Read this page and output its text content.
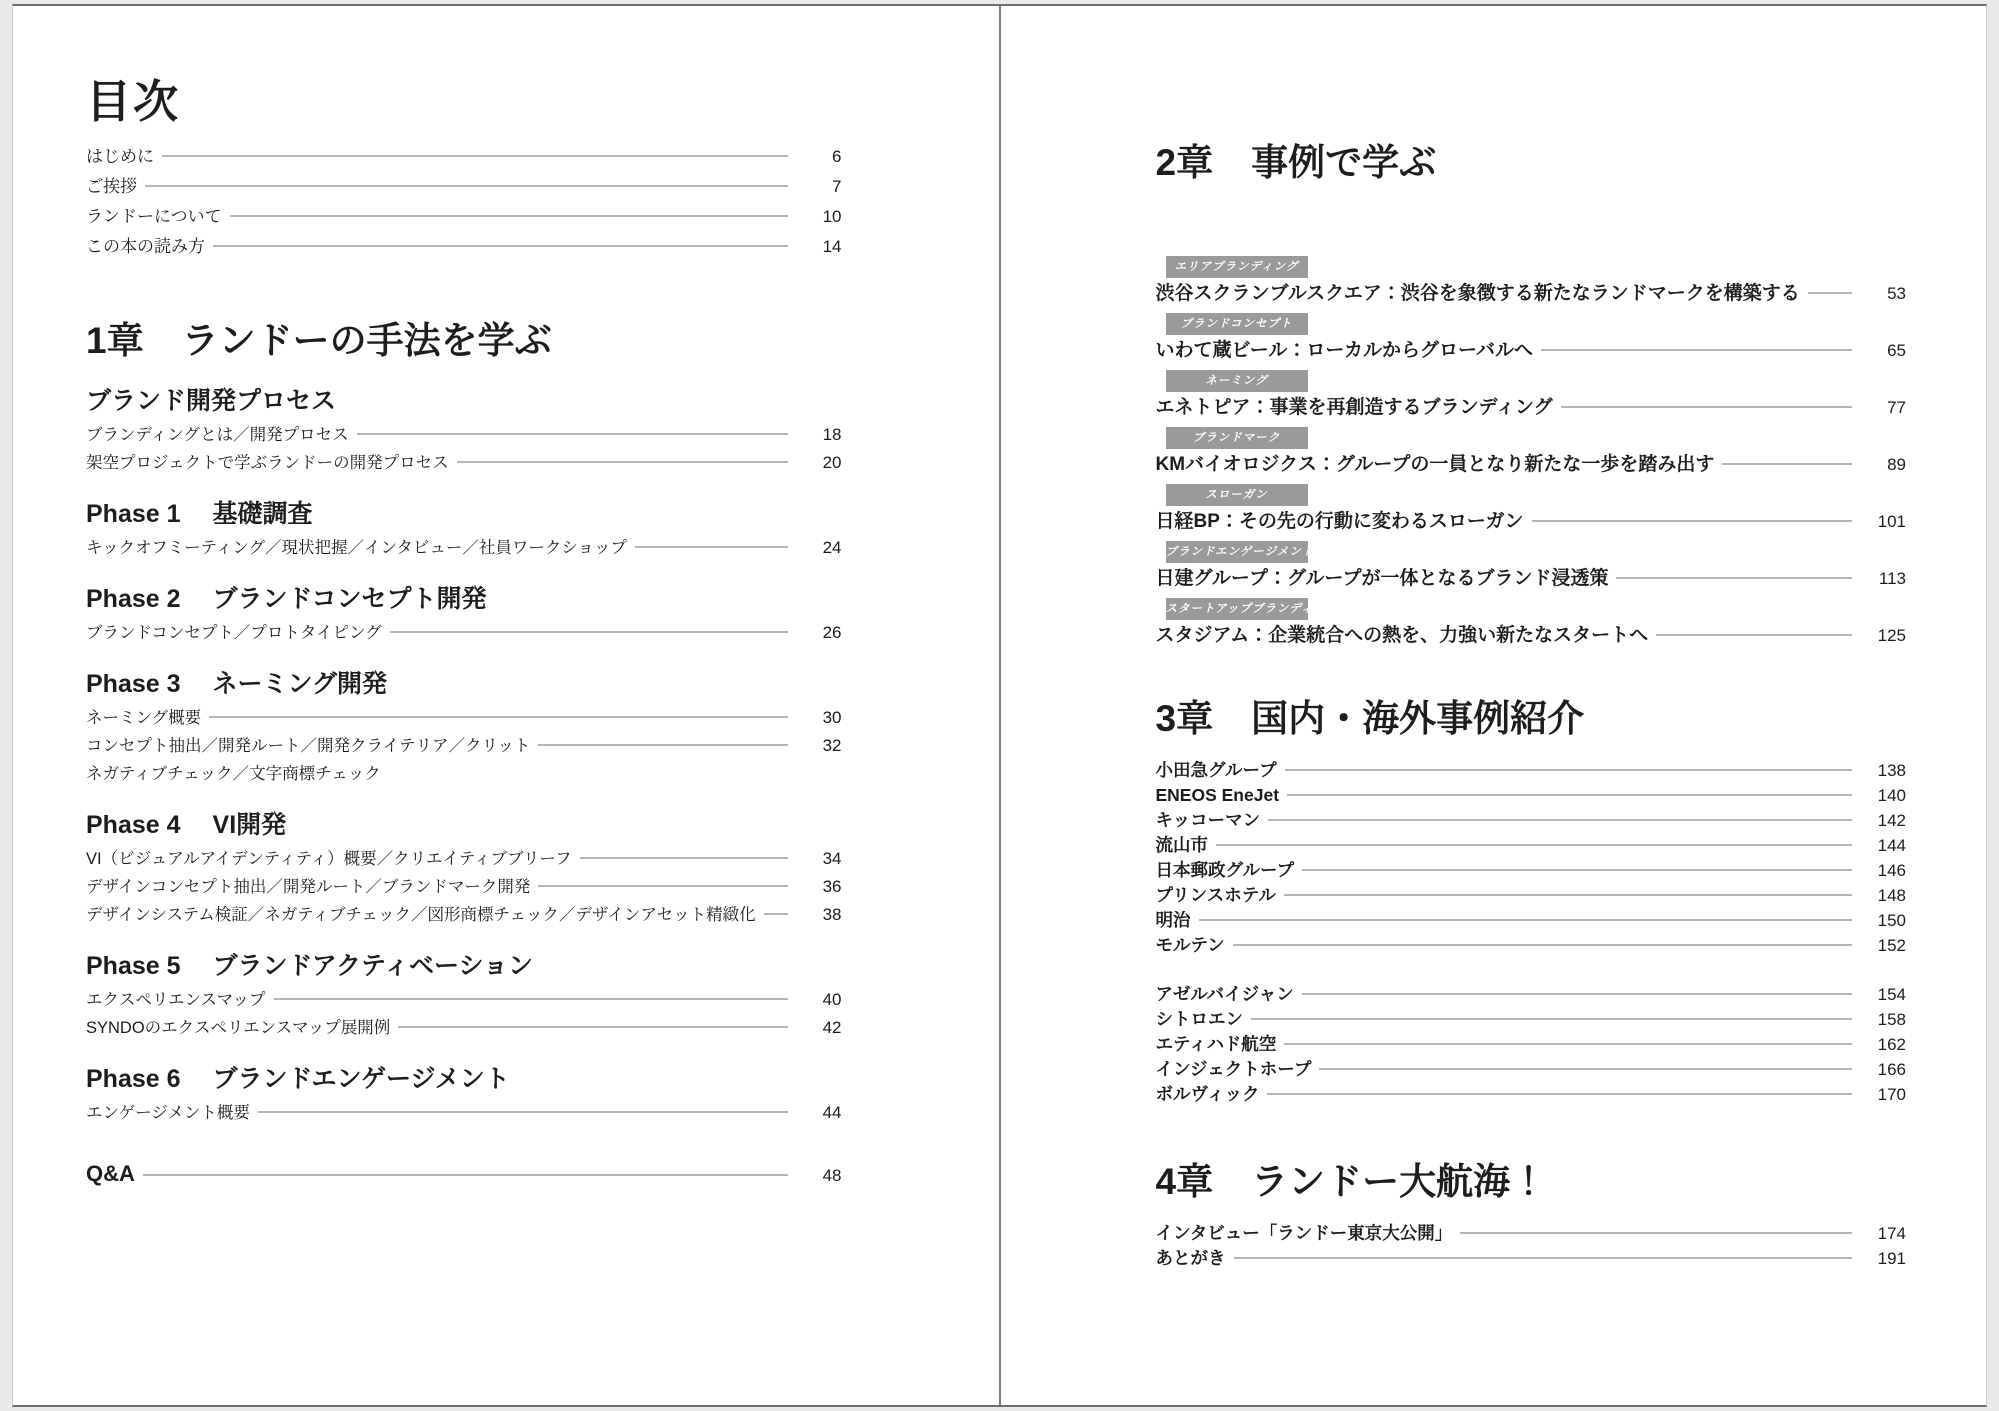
目次
はじめに	6
ご挨拶	7
ランドーについて	10
この本の読み方	14
1章 ランドーの手法を学ぶ
ブランド開発プロセス
ブランディングとは／開発プロセス	18
架空プロジェクトで学ぶランドーの開発プロセス	20
Phase 1 基礎調査
キックオフミーティング／現状把握／インタビュー／社員ワークショップ	24
Phase 2 ブランドコンセプト開発
ブランドコンセプト／プロトタイピング	26
Phase 3 ネーミング開発
ネーミング概要	30
コンセプト抽出／開発ルート／開発クライテリア／クリット	32
ネガティブチェック／文字商標チェック
Phase 4 VI開発
VI（ビジュアルアイデンティティ）概要／クリエイティブブリーフ	34
デザインコンセプト抽出／開発ルート／ブランドマーク開発	36
デザインシステム検証／ネガティブチェック／図形商標チェック／デザインアセット精緻化	38
Phase 5 ブランドアクティベーション
エクスペリエンスマップ	40
SYNDOのエクスペリエンスマップ展開例	42
Phase 6 ブランドエンゲージメント
エンゲージメント概要	44
Q&A	48
2章 事例で学ぶ
エリアブランディング
渋谷スクランブルスクエア：渋谷を象徴する新たなランドマークを構築する	53
ブランドコンセプト
いわて蔵ビール：ローカルからグローバルへ	65
ネーミング
エネトピア：事業を再創造するブランディング	77
ブランドマーク
KMバイオロジクス：グループの一員となり新たな一歩を踏み出す	89
スローガン
日経BP：その先の行動に変わるスローガン	101
ブランドエンゲージメント
日建グループ：グループが一体となるブランド浸透策	113
スタートアップブランディング
スタジアム：企業統合への熱を、力強い新たなスタートへ	125
3章 国内・海外事例紹介
小田急グループ	138
ENEOS EneJet	140
キッコーマン	142
流山市	144
日本郵政グループ	146
プリンスホテル	148
明治	150
モルテン	152
アゼルバイジャン	154
シトロエン	158
エティハド航空	162
インジェクトホープ	166
ボルヴィック	170
4章 ランドー大航海！
インタビュー「ランドー東京大公開」	174
あとがき	191
